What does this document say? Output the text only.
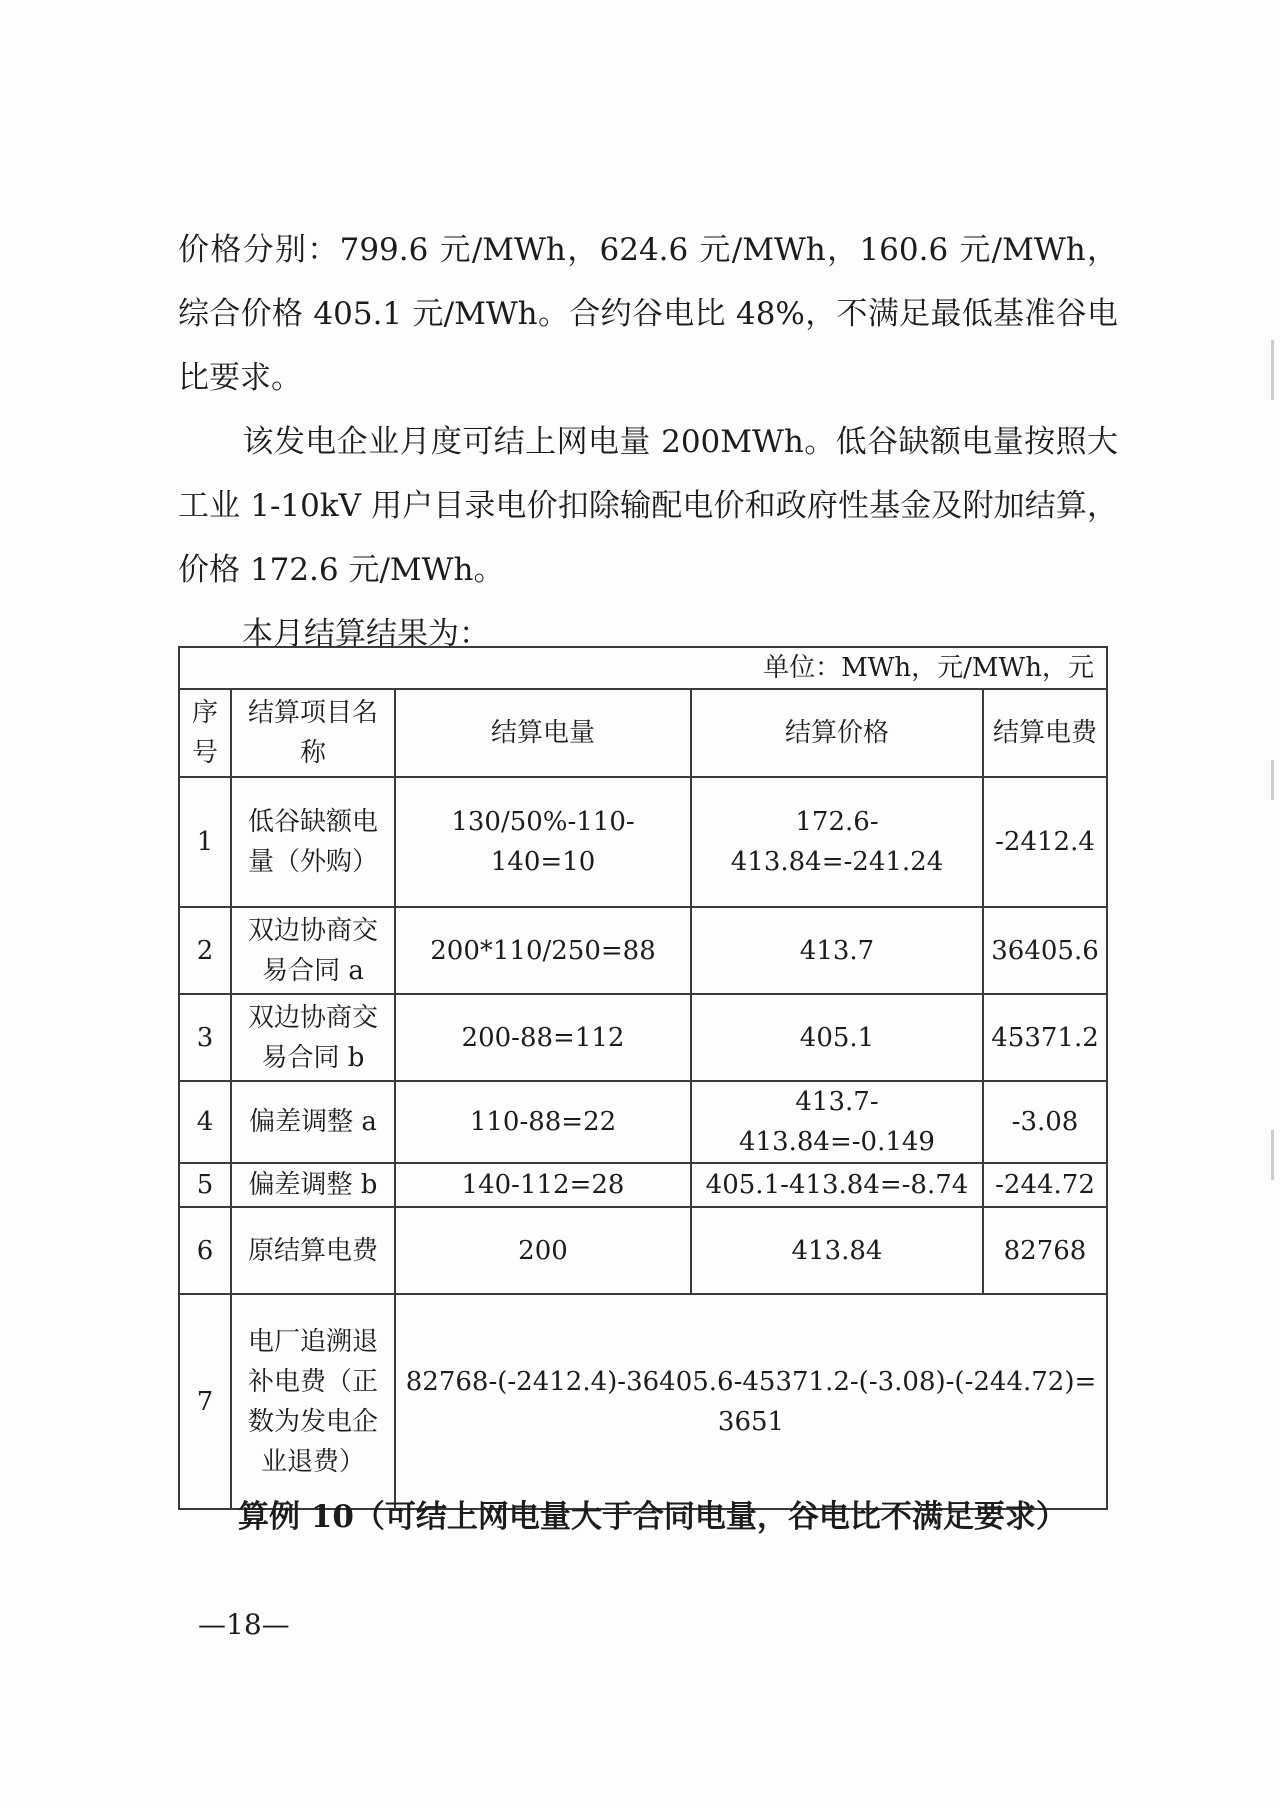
价格分别：799.6 元/MWh，624.6 元/MWh，160.6 元/MWh，综合价格 405.1 元/MWh。合约谷电比 48%，不满足最低基准谷电比要求。

该发电企业月度可结上网电量 200MWh。低谷缺额电量按照大工业 1-10kV 用户目录电价扣除输配电价和政府性基金及附加结算，价格 172.6 元/MWh。

本月结算结果为：

单位：MWh，元/MWh，元				
序号	结算项目名称	结算电量	结算价格	结算电费
1	低谷缺额电量（外购）	130/50%-110-140=10	172.6-413.84=-241.24	-2412.4
2	双边协商交易合同 a	200*110/250=88	413.7	36405.6
3	双边协商交易合同 b	200-88=112	405.1	45371.2
4	偏差调整 a	110-88=22	413.7-413.84=-0.149	-3.08
5	偏差调整 b	140-112=28	405.1-413.84=-8.74	-244.72
6	原结算电费	200	413.84	82768
7	电厂追溯退补电费（正数为发电企业退费）	82768-(-2412.4)-36405.6-45371.2-(-3.08)-(-244.72)=3651		

算例 10（可结上网电量大于合同电量，谷电比不满足要求）

—18—
